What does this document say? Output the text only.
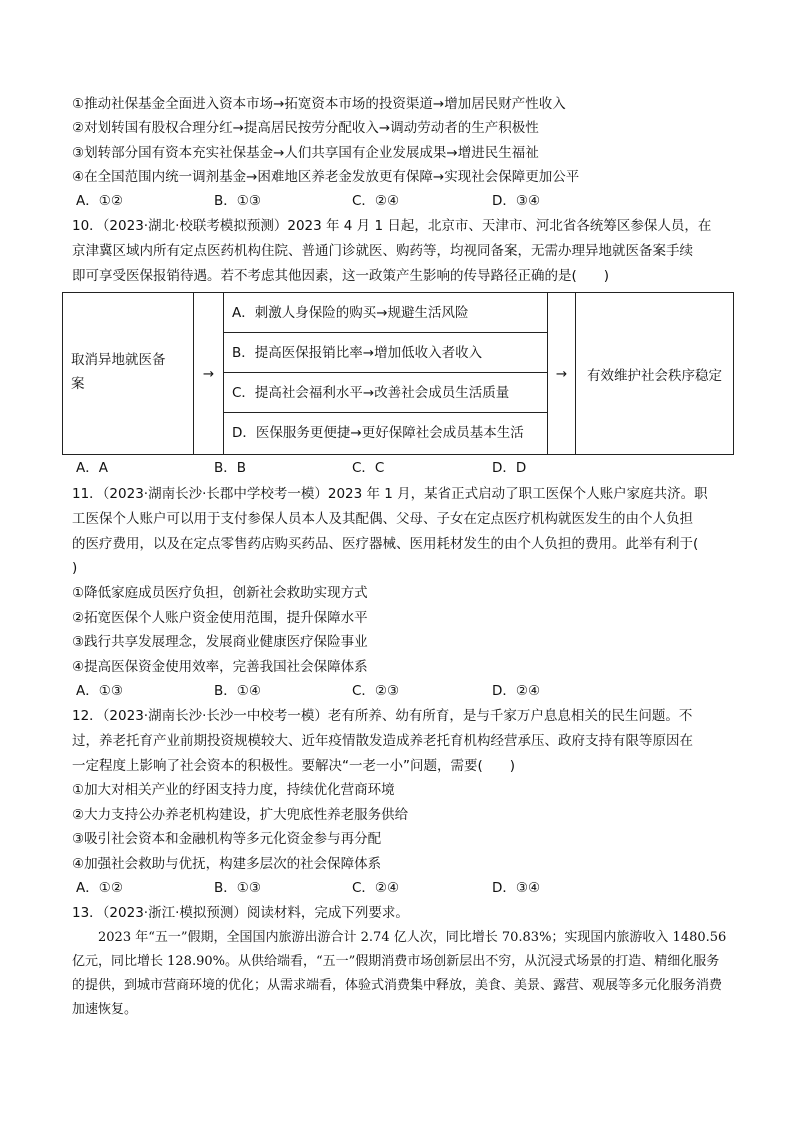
①推动社保基金全面进入资本市场→拓宽资本市场的投资渠道→增加居民财产性收入
②对划转国有股权合理分红→提高居民按劳分配收入→调动劳动者的生产积极性
③划转部分国有资本充实社保基金→人们共享国有企业发展成果→增进民生福祉
④在全国范围内统一调剂基金→困难地区养老金发放更有保障→实现社会保障更加公平
A．①②	B．①③	C．②④	D．③④
10．（2023·湖北·校联考模拟预测）2023 年 4 月 1 日起，北京市、天津市、河北省各统筹区参保人员，在
京津冀区域内所有定点医药机构住院、普通门诊就医、购药等，均视同备案，无需办理异地就医备案手续
即可享受医保报销待遇。若不考虑其他因素，这一政策产生影响的传导路径正确的是(　　)
取消异地就医备
案
→
A．刺激人身保险的购买→规避生活风险
B．提高医保报销比率→增加低收入者收入
C．提高社会福利水平→改善社会成员生活质量
D．医保服务更便捷→更好保障社会成员基本生活
→ 有效维护社会秩序稳定
A．A	B．B	C．C	D．D
11．（2023·湖南长沙·长郡中学校考一模）2023 年 1 月，某省正式启动了职工医保个人账户家庭共济。职
工医保个人账户可以用于支付参保人员本人及其配偶、父母、子女在定点医疗机构就医发生的由个人负担
的医疗费用，以及在定点零售药店购买药品、医疗器械、医用耗材发生的由个人负担的费用。此举有利于(
)
①降低家庭成员医疗负担，创新社会救助实现方式
②拓宽医保个人账户资金使用范围，提升保障水平
③践行共享发展理念，发展商业健康医疗保险事业
④提高医保资金使用效率，完善我国社会保障体系
A．①③	B．①④	C．②③	D．②④
12．（2023·湖南长沙·长沙一中校考一模）老有所养、幼有所育，是与千家万户息息相关的民生问题。不
过，养老托育产业前期投资规模较大、近年疫情散发造成养老托育机构经营承压、政府支持有限等原因在
一定程度上影响了社会资本的积极性。要解决“一老一小”问题，需要(　　)
①加大对相关产业的纾困支持力度，持续优化营商环境
②大力支持公办养老机构建设，扩大兜底性养老服务供给
③吸引社会资本和金融机构等多元化资金参与再分配
④加强社会救助与优抚，构建多层次的社会保障体系
A．①②	B．①③	C．②④	D．③④
13．（2023·浙江·模拟预测）阅读材料，完成下列要求。
　　2023 年“五一”假期，全国国内旅游出游合计 2.74 亿人次，同比增长 70.83%；实现国内旅游收入 1480.56 亿元，同比增长 128.90%。从供给端看，“五一”假期消费市场创新层出不穷，从沉浸式场景的打造、精细化服务的提供，到城市营商环境的优化；从需求端看，体验式消费集中释放，美食、美景、露营、观展等多元化服务消费加速恢复。
